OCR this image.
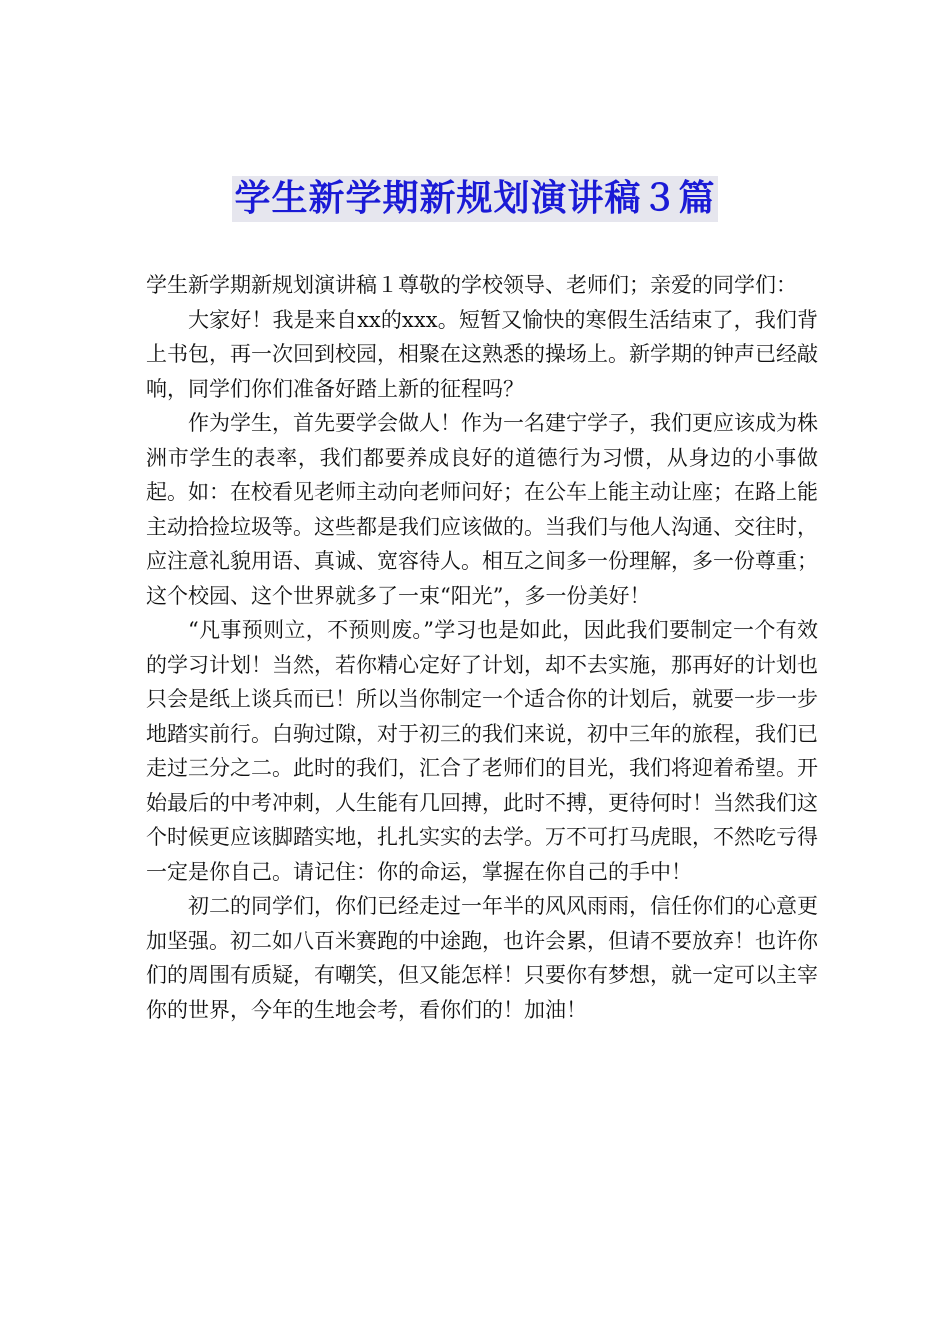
学生新学期新规划演讲稿３篇

学生新学期新规划演讲稿１尊敬的学校领导、老师们；亲爱的同学们：

大家好！我是来自xx的xxx。短暂又愉快的寒假生活结束了，我们背上书包，再一次回到校园，相聚在这熟悉的操场上。新学期的钟声已经敲响，同学们你们准备好踏上新的征程吗？

作为学生，首先要学会做人！作为一名建宁学子，我们更应该成为株洲市学生的表率，我们都要养成良好的道德行为习惯，从身边的小事做起。如：在校看见老师主动向老师问好；在公车上能主动让座；在路上能主动拾捡垃圾等。这些都是我们应该做的。当我们与他人沟通、交往时，应注意礼貌用语、真诚、宽容待人。相互之间多一份理解，多一份尊重；这个校园、这个世界就多了一束“阳光”，多一份美好！

“凡事预则立，不预则废。”学习也是如此，因此我们要制定一个有效的学习计划！当然，若你精心定好了计划，却不去实施，那再好的计划也只会是纸上谈兵而已！所以当你制定一个适合你的计划后，就要一步一步地踏实前行。白驹过隙，对于初三的我们来说，初中三年的旅程，我们已走过三分之二。此时的我们，汇合了老师们的目光，我们将迎着希望。开始最后的中考冲刺，人生能有几回搏，此时不搏，更待何时！当然我们这个时候更应该脚踏实地，扎扎实实的去学。万不可打马虎眼，不然吃亏得一定是你自己。请记住：你的命运，掌握在你自己的手中！

初二的同学们，你们已经走过一年半的风风雨雨，信任你们的心意更加坚强。初二如八百米赛跑的中途跑，也许会累，但请不要放弃！也许你们的周围有质疑，有嘲笑，但又能怎样！只要你有梦想，就一定可以主宰你的世界，今年的生地会考，看你们的！加油！
